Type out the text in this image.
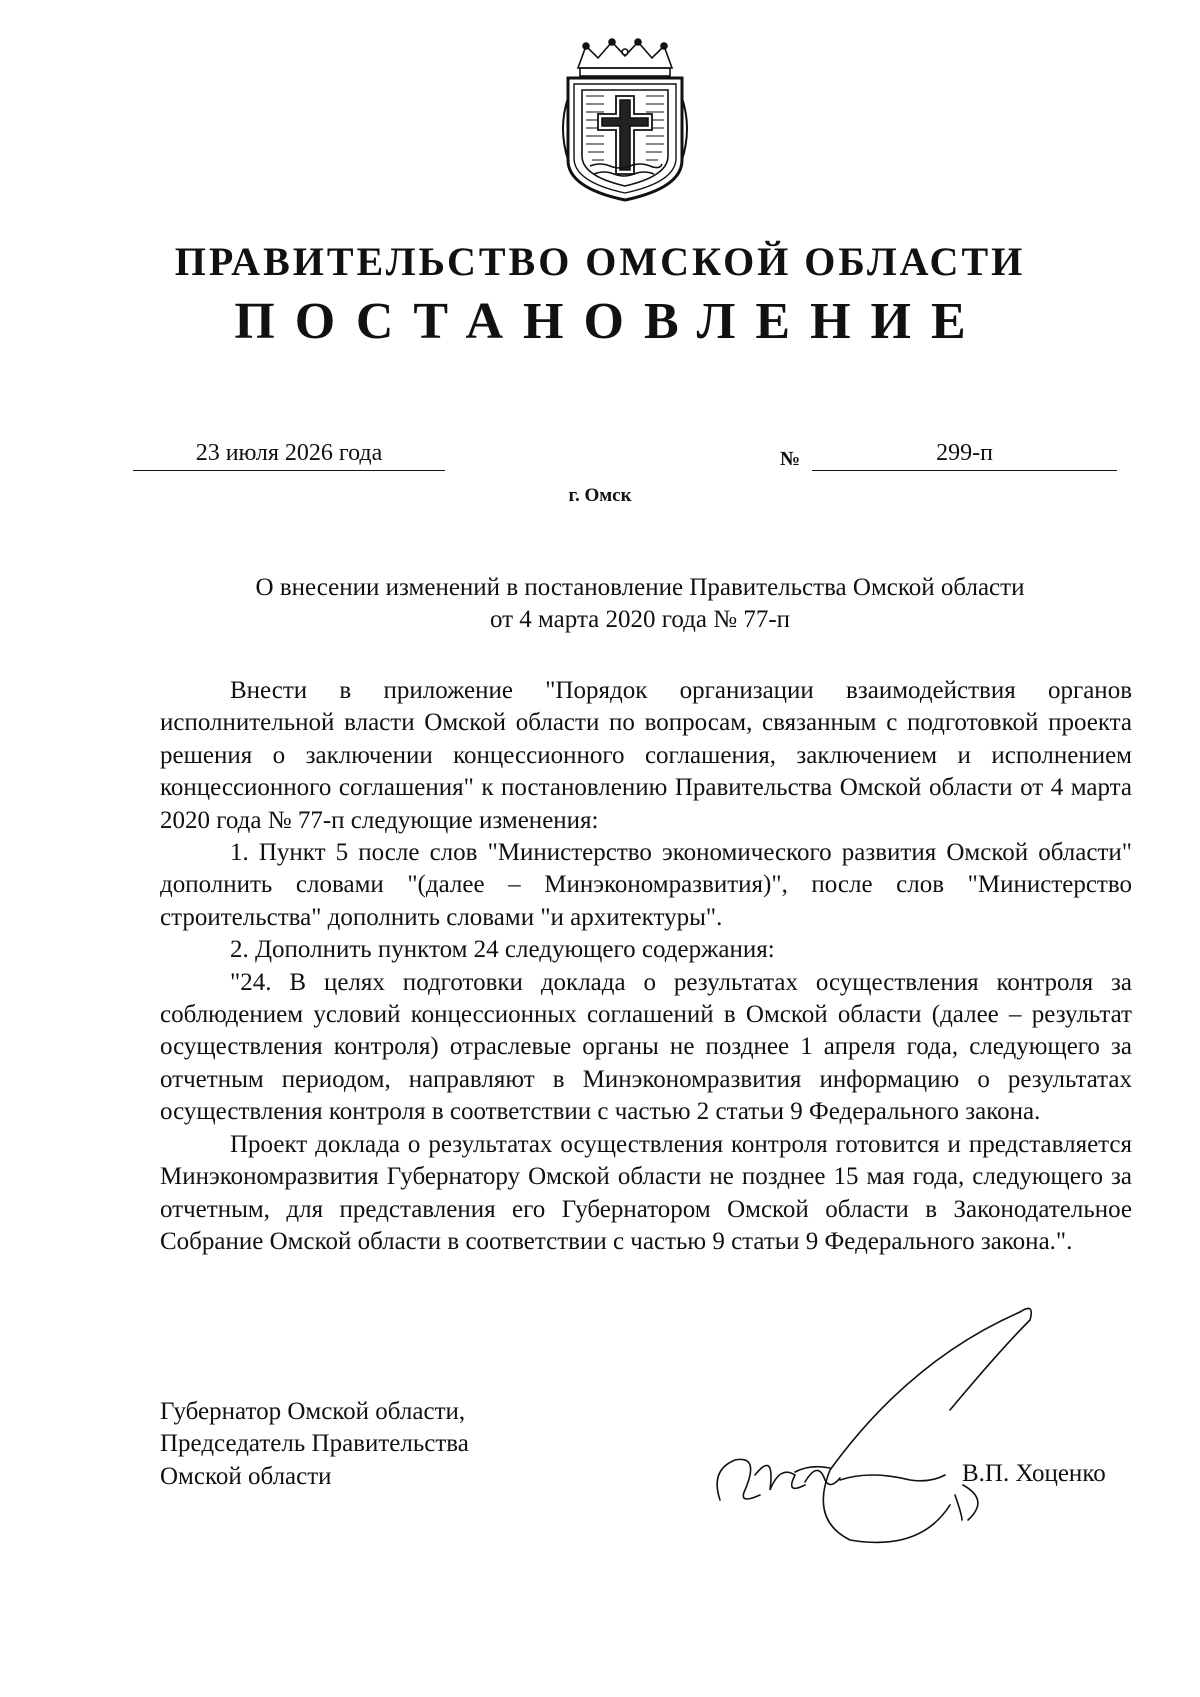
ПРАВИТЕЛЬСТВО ОМСКОЙ ОБЛАСТИ
ПОСТАНОВЛЕНИЕ
23 июля 2026 года	№	299-п
г. Омск
О внесении изменений в постановление Правительства Омской области
от 4 марта 2020 года № 77-п

Внести в приложение "Порядок организации взаимодействия органов исполнительной власти Омской области по вопросам, связанным с подготовкой проекта решения о заключении концессионного соглашения, заключением и исполнением концессионного соглашения" к постановлению Правительства Омской области от 4 марта 2020 года № 77-п следующие изменения:

1. Пункт 5 после слов "Министерство экономического развития Омской области" дополнить словами "(далее – Минэкономразвития)", после слов "Министерство строительства" дополнить словами "и архитектуры".

2. Дополнить пунктом 24 следующего содержания:

"24. В целях подготовки доклада о результатах осуществления контроля за соблюдением условий концессионных соглашений в Омской области (далее – результат осуществления контроля) отраслевые органы не позднее 1 апреля года, следующего за отчетным периодом, направляют в Минэкономразвития информацию о результатах осуществления контроля в соответствии с частью 2 статьи 9 Федерального закона.

Проект доклада о результатах осуществления контроля готовится и представляется Минэкономразвития Губернатору Омской области не позднее 15 мая года, следующего за отчетным, для представления его Губернатором Омской области в Законодательное Собрание Омской области в соответствии с частью 9 статьи 9 Федерального закона.".

Губернатор Омской области,
Председатель Правительства
Омской области	В.П. Хоценко
